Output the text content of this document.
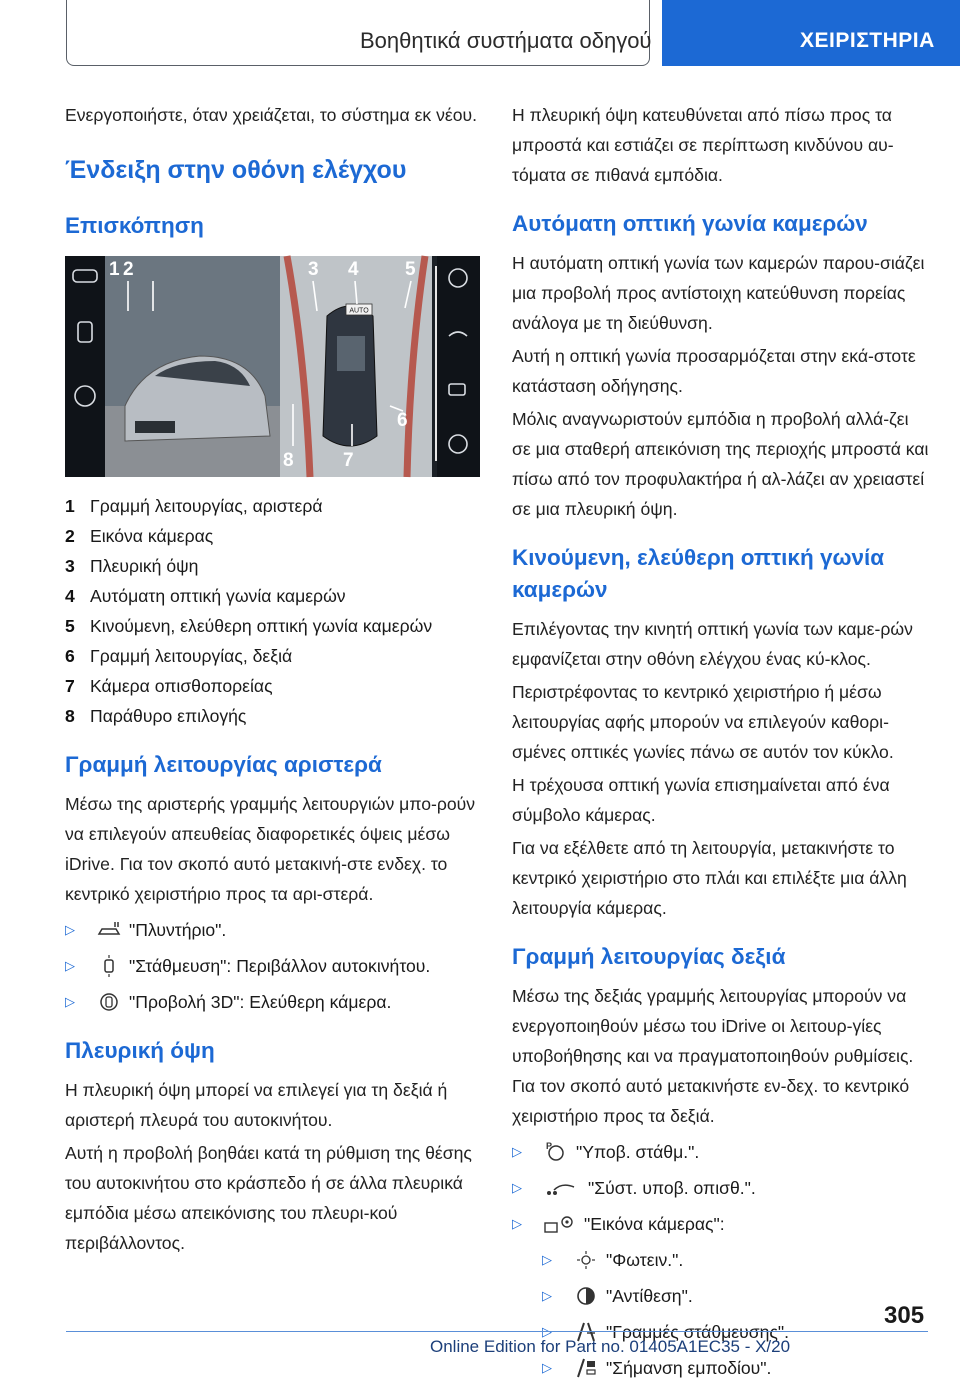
Βοηθητικά συστήματα οδηγού	ΧΕΙΡΙΣΤΗΡΙΑ

Ενεργοποιήστε, όταν χρειάζεται, το σύστημα εκ νέου.

Ένδειξη στην οθόνη ελέγχου
Επισκόπηση
AUTO
1 2	3 4 5
6
7
8
1 Γραμμή λειτουργίας, αριστερά
2 Εικόνα κάμερας
3 Πλευρική όψη
4 Αυτόματη οπτική γωνία καμερών
5 Κινούμενη, ελεύθερη οπτική γωνία καμερών
6 Γραμμή λειτουργίας, δεξιά
7 Κάμερα οπισθοπορείας
8 Παράθυρο επιλογής
Γραμμή λειτουργίας αριστερά

Μέσω της αριστερής γραμμής λειτουργιών μπο-ρούν να επιλεγούν απευθείας διαφορετικές όψεις μέσω iDrive. Για τον σκοπό αυτό μετακινή-στε ενδεχ. το κεντρικό χειριστήριο προς τα αρι-στερά.

▷	"Πλυντήριο".
▷	"Στάθμευση": Περιβάλλον αυτοκινήτου.
▷	"Προβολή 3D": Ελεύθερη κάμερα.
Πλευρική όψη

Η πλευρική όψη μπορεί να επιλεγεί για τη δεξιά ή αριστερή πλευρά του αυτοκινήτου.

Αυτή η προβολή βοηθάει κατά τη ρύθμιση της θέσης του αυτοκινήτου στο κράσπεδο ή σε άλλα πλευρικά εμπόδια μέσω απεικόνισης του πλευρι-κού περιβάλλοντος.

Η πλευρική όψη κατευθύνεται από πίσω προς τα μπροστά και εστιάζει σε περίπτωση κινδύνου αυ-τόματα σε πιθανά εμπόδια.

Αυτόματη οπτική γωνία καμερών

Η αυτόματη οπτική γωνία των καμερών παρου-σιάζει μια προβολή προς αντίστοιχη κατεύθυνση πορείας ανάλογα με τη διεύθυνση.

Αυτή η οπτική γωνία προσαρμόζεται στην εκά-στοτε κατάσταση οδήγησης.

Μόλις αναγνωριστούν εμπόδια η προβολή αλλά-ζει σε μια σταθερή απεικόνιση της περιοχής μπροστά και πίσω από τον προφυλακτήρα ή αλ-λάζει αν χρειαστεί σε μια πλευρική όψη.

Κινούμενη, ελεύθερη οπτική γωνία καμερών

Επιλέγοντας την κινητή οπτική γωνία των καμε-ρών εμφανίζεται στην οθόνη ελέγχου ένας κύ-κλος.

Περιστρέφοντας το κεντρικό χειριστήριο ή μέσω λειτουργίας αφής μπορούν να επιλεγούν καθορι-σμένες οπτικές γωνίες πάνω σε αυτόν τον κύκλο.

Η τρέχουσα οπτική γωνία επισημαίνεται από ένα σύμβολο κάμερας.

Για να εξέλθετε από τη λειτουργία, μετακινήστε το κεντρικό χειριστήριο στο πλάι και επιλέξτε μια άλλη λειτουργία κάμερας.

Γραμμή λειτουργίας δεξιά

Μέσω της δεξιάς γραμμής λειτουργίας μπορούν να ενεργοποιηθούν μέσω του iDrive οι λειτουρ-γίες υποβοήθησης και να πραγματοποιηθούν ρυθμίσεις. Για τον σκοπό αυτό μετακινήστε εν-δεχ. το κεντρικό χειριστήριο προς τα δεξιά.

▷	P "Υποβ. στάθμ.".
▷	"Σύστ. υποβ. οπισθ.".
▷	"Εικόνα κάμερας":
▷	"Φωτειν.".
▷	"Αντίθεση".
▷	"Γραμμές στάθμευσης".
▷	"Σήμανση εμποδίου".
305
Online Edition for Part no. 01405A1EC35 - X/20
